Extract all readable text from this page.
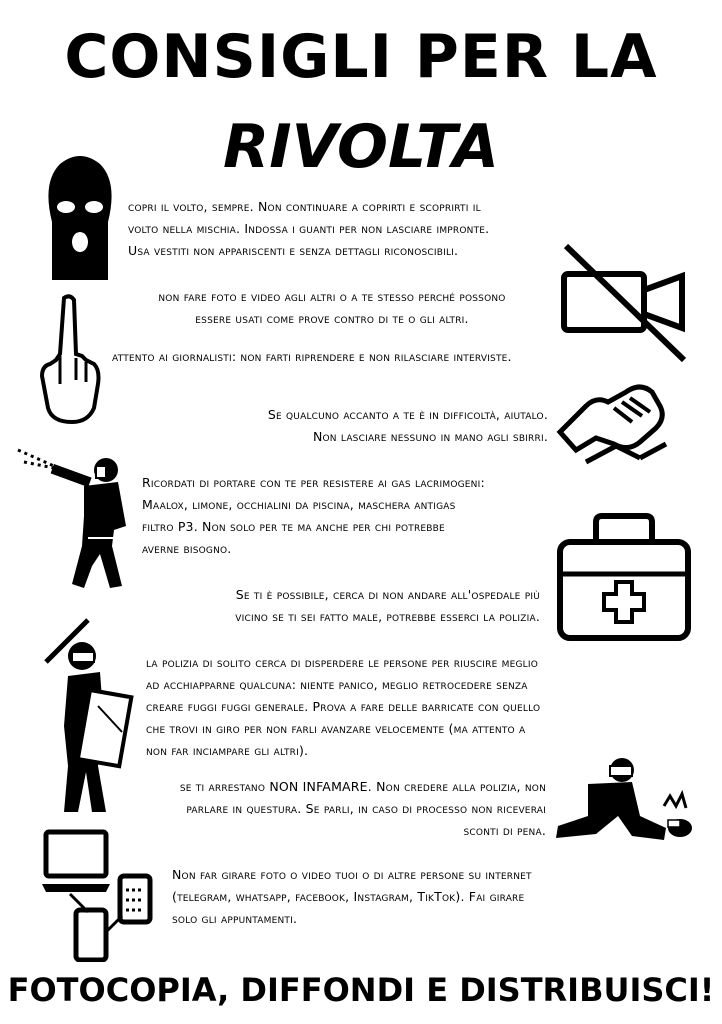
CONSIGLI PER LA
RIVOLTA

copri il volto, sempre. Non continuare a coprirti e scoprirti il

volto nella mischia. Indossa i guanti per non lasciare impronte.

Usa vestiti non appariscenti e senza dettagli riconoscibili.

non fare foto e video agli altri o a te stesso perché possono

essere usati come prove contro di te o gli altri.

attento ai giornalisti: non farti riprendere e non rilasciare interviste.

Se qualcuno accanto a te è in difficoltà, aiutalo.

Non lasciare nessuno in mano agli sbirri.

Ricordati di portare con te per resistere ai gas lacrimogeni:

Maalox, limone, occhialini da piscina, maschera antigas

filtro P3. Non solo per te ma anche per chi potrebbe

averne bisogno.

Se ti è possibile, cerca di non andare all'ospedale più

vicino se ti sei fatto male, potrebbe esserci la polizia.

la polizia di solito cerca di disperdere le persone per riuscire meglio

ad acchiapparne qualcuna: niente panico, meglio retrocedere senza

creare fuggi fuggi generale. Prova a fare delle barricate con quello

che trovi in giro per non farli avanzare velocemente (ma attento a

non far inciampare gli altri).

se ti arrestano NON INFAMARE. Non credere alla polizia, non

parlare in questura. Se parli, in caso di processo non riceverai

sconti di pena.

Non far girare foto o video tuoi o di altre persone su internet

(telegram, whatsapp, facebook, Instagram, TikTok). Fai girare

solo gli appuntamenti.

FOTOCOPIA, DIFFONDI E DISTRIBUISCI!
